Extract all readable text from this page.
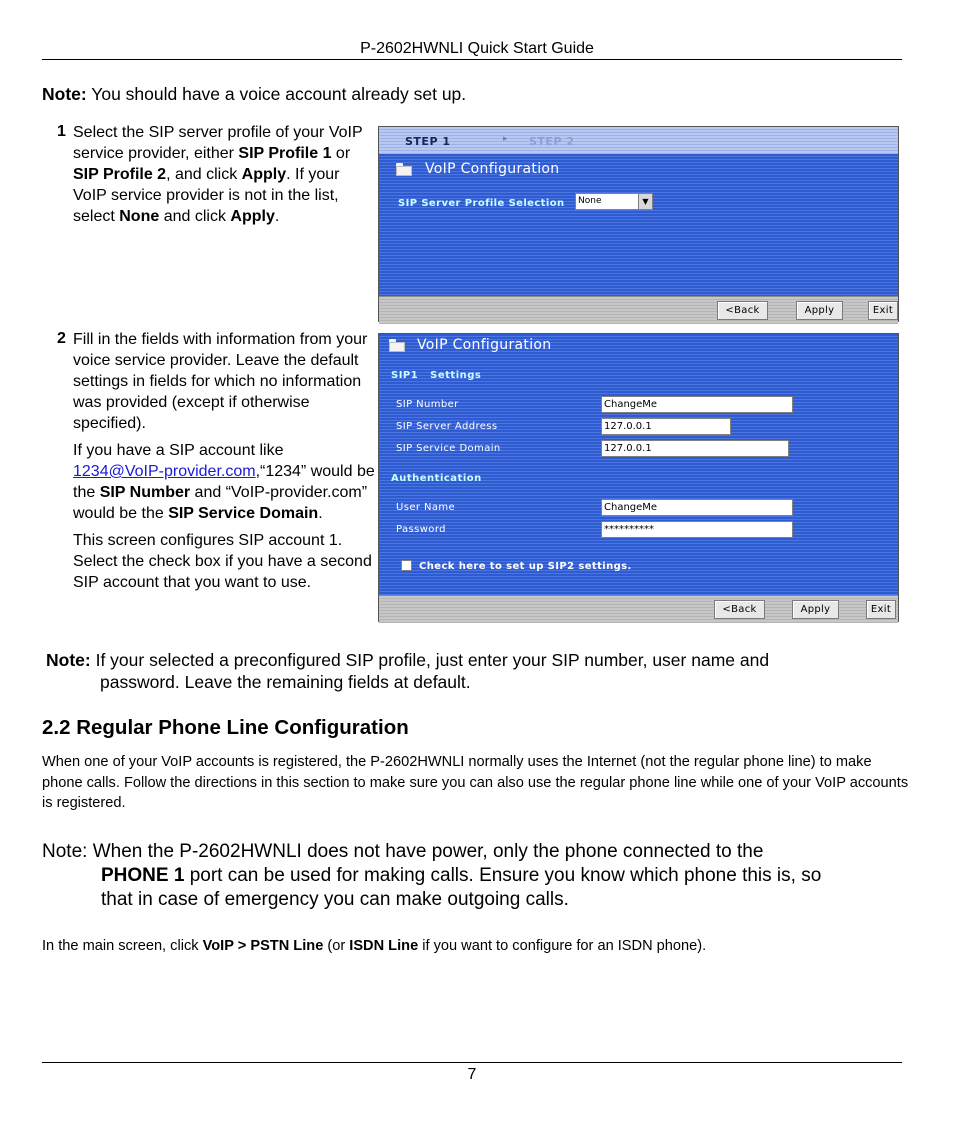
P-2602HWNLI Quick Start Guide
Note: You should have a voice account already set up.
1 Select the SIP server profile of your VoIP service provider, either SIP Profile 1 or SIP Profile 2, and click Apply. If your VoIP service provider is not in the list, select None and click Apply.
STEP 1	▸ STEP 2
VoIP Configuration
SIP Server Profile Selection	None	▼
<Back	Apply	Exit
2 Fill in the fields with information from your voice service provider. Leave the default settings in fields for which no information was provided (except if otherwise specified).

If you have a SIP account like 1234@VoIP-provider.com,“1234” would be the SIP Number and “VoIP-provider.com” would be the SIP Service Domain.

This screen configures SIP account 1. Select the check box if you have a second SIP account that you want to use.

VoIP Configuration
SIP1 Settings
SIP Number	ChangeMe
SIP Server Address	127.0.0.1
SIP Service Domain	127.0.0.1
Authentication
User Name	ChangeMe
Password	**********
Check here to set up SIP2 settings.
<Back	Apply	Exit
Note: If your selected a preconfigured SIP profile, just enter your SIP number, user name and
password. Leave the remaining fields at default.
2.2 Regular Phone Line Configuration
When one of your VoIP accounts is registered, the P-2602HWNLI normally uses the Internet (not the regular phone line) to make phone calls. Follow the directions in this section to make sure you can also use the regular phone line while one of your VoIP accounts is registered.
Note: When the P-2602HWNLI does not have power, only the phone connected to the
PHONE 1 port can be used for making calls. Ensure you know which phone this is, so
that in case of emergency you can make outgoing calls.
In the main screen, click VoIP > PSTN Line (or ISDN Line if you want to configure for an ISDN phone).
7
